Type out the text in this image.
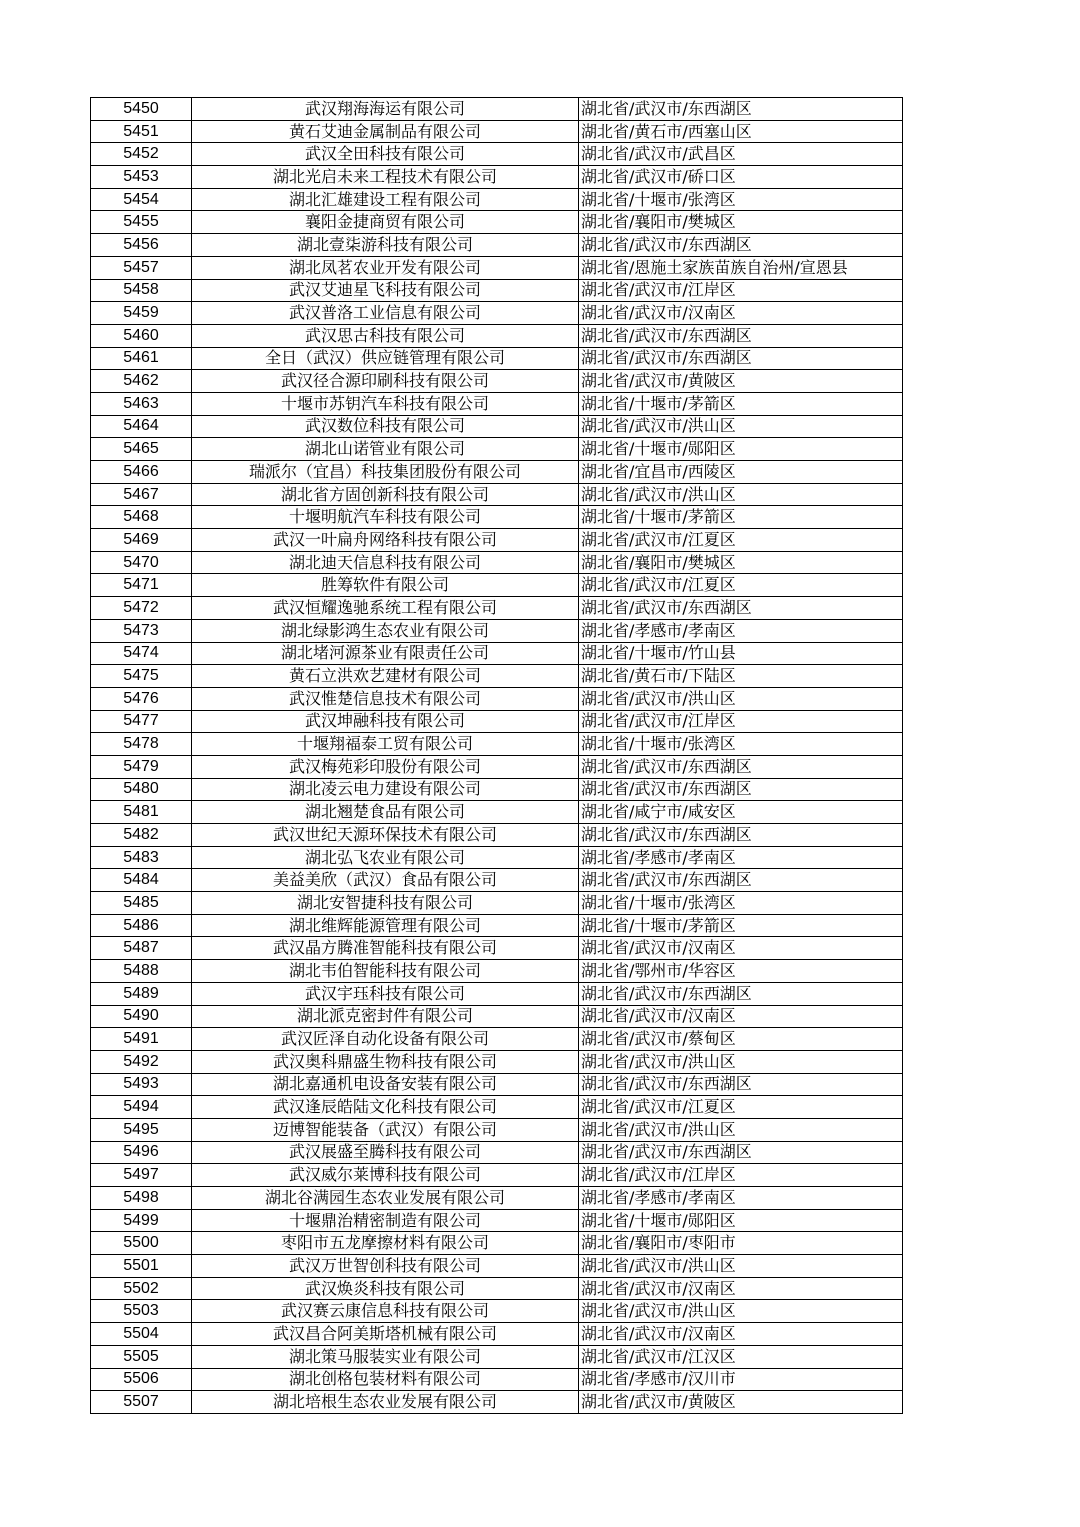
5450	武汉翔海海运有限公司	湖北省/武汉市/东西湖区
5451	黄石艾迪金属制品有限公司	湖北省/黄石市/西塞山区
5452	武汉全田科技有限公司	湖北省/武汉市/武昌区
5453	湖北光启未来工程技术有限公司	湖北省/武汉市/硚口区
5454	湖北汇雄建设工程有限公司	湖北省/十堰市/张湾区
5455	襄阳金捷商贸有限公司	湖北省/襄阳市/樊城区
5456	湖北壹柒游科技有限公司	湖北省/武汉市/东西湖区
5457	湖北凤茗农业开发有限公司	湖北省/恩施土家族苗族自治州/宣恩县
5458	武汉艾迪星飞科技有限公司	湖北省/武汉市/江岸区
5459	武汉普洛工业信息有限公司	湖北省/武汉市/汉南区
5460	武汉思古科技有限公司	湖北省/武汉市/东西湖区
5461	全日（武汉）供应链管理有限公司	湖北省/武汉市/东西湖区
5462	武汉径合源印刷科技有限公司	湖北省/武汉市/黄陂区
5463	十堰市苏钥汽车科技有限公司	湖北省/十堰市/茅箭区
5464	武汉数位科技有限公司	湖北省/武汉市/洪山区
5465	湖北山诺管业有限公司	湖北省/十堰市/郧阳区
5466	瑞派尔（宜昌）科技集团股份有限公司	湖北省/宜昌市/西陵区
5467	湖北省方固创新科技有限公司	湖北省/武汉市/洪山区
5468	十堰明航汽车科技有限公司	湖北省/十堰市/茅箭区
5469	武汉一叶扁舟网络科技有限公司	湖北省/武汉市/江夏区
5470	湖北迪天信息科技有限公司	湖北省/襄阳市/樊城区
5471	胜筹软件有限公司	湖北省/武汉市/江夏区
5472	武汉恒耀逸驰系统工程有限公司	湖北省/武汉市/东西湖区
5473	湖北绿影鸿生态农业有限公司	湖北省/孝感市/孝南区
5474	湖北堵河源茶业有限责任公司	湖北省/十堰市/竹山县
5475	黄石立洪欢艺建材有限公司	湖北省/黄石市/下陆区
5476	武汉惟楚信息技术有限公司	湖北省/武汉市/洪山区
5477	武汉坤融科技有限公司	湖北省/武汉市/江岸区
5478	十堰翔福泰工贸有限公司	湖北省/十堰市/张湾区
5479	武汉梅苑彩印股份有限公司	湖北省/武汉市/东西湖区
5480	湖北凌云电力建设有限公司	湖北省/武汉市/东西湖区
5481	湖北翘楚食品有限公司	湖北省/咸宁市/咸安区
5482	武汉世纪天源环保技术有限公司	湖北省/武汉市/东西湖区
5483	湖北弘飞农业有限公司	湖北省/孝感市/孝南区
5484	美益美欣（武汉）食品有限公司	湖北省/武汉市/东西湖区
5485	湖北安智捷科技有限公司	湖北省/十堰市/张湾区
5486	湖北维辉能源管理有限公司	湖北省/十堰市/茅箭区
5487	武汉晶方腾准智能科技有限公司	湖北省/武汉市/汉南区
5488	湖北韦伯智能科技有限公司	湖北省/鄂州市/华容区
5489	武汉宇珏科技有限公司	湖北省/武汉市/东西湖区
5490	湖北派克密封件有限公司	湖北省/武汉市/汉南区
5491	武汉匠泽自动化设备有限公司	湖北省/武汉市/蔡甸区
5492	武汉奥科鼎盛生物科技有限公司	湖北省/武汉市/洪山区
5493	湖北嘉通机电设备安装有限公司	湖北省/武汉市/东西湖区
5494	武汉逢辰皓陆文化科技有限公司	湖北省/武汉市/江夏区
5495	迈博智能装备（武汉）有限公司	湖北省/武汉市/洪山区
5496	武汉展盛至腾科技有限公司	湖北省/武汉市/东西湖区
5497	武汉威尔莱博科技有限公司	湖北省/武汉市/江岸区
5498	湖北谷满园生态农业发展有限公司	湖北省/孝感市/孝南区
5499	十堰鼎治精密制造有限公司	湖北省/十堰市/郧阳区
5500	枣阳市五龙摩擦材料有限公司	湖北省/襄阳市/枣阳市
5501	武汉万世智创科技有限公司	湖北省/武汉市/洪山区
5502	武汉焕炎科技有限公司	湖北省/武汉市/汉南区
5503	武汉赛云康信息科技有限公司	湖北省/武汉市/洪山区
5504	武汉昌合阿美斯塔机械有限公司	湖北省/武汉市/汉南区
5505	湖北策马服装实业有限公司	湖北省/武汉市/江汉区
5506	湖北创格包装材料有限公司	湖北省/孝感市/汉川市
5507	湖北培根生态农业发展有限公司	湖北省/武汉市/黄陂区
